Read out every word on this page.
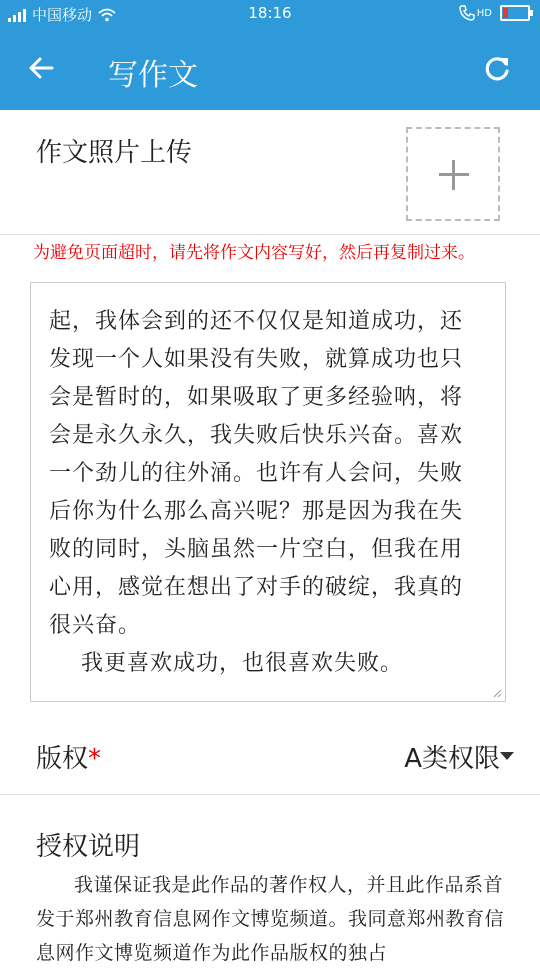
中国移动	18:16	HD
写作文
作文照片上传
为避免页面超时，请先将作文内容写好，然后再复制过来。
起，我体会到的还不仅仅是知道成功，还
发现一个人如果没有失败，就算成功也只
会是暂时的，如果吸取了更多经验呐，将
会是永久永久，我失败后快乐兴奋。喜欢
一个劲儿的往外涌。也许有人会问，失败
后你为什么那么高兴呢？那是因为我在失
败的同时，头脑虽然一片空白，但我在用
心用，感觉在想出了对手的破绽，我真的
很兴奋。
我更喜欢成功，也很喜欢失败。
版权*	A类权限
授权说明
我谨保证我是此作品的著作权人，并且此作品系首发于郑州教育信息网作文博览频道。我同意郑州教育信息网作文博览频道作为此作品版权的独占
